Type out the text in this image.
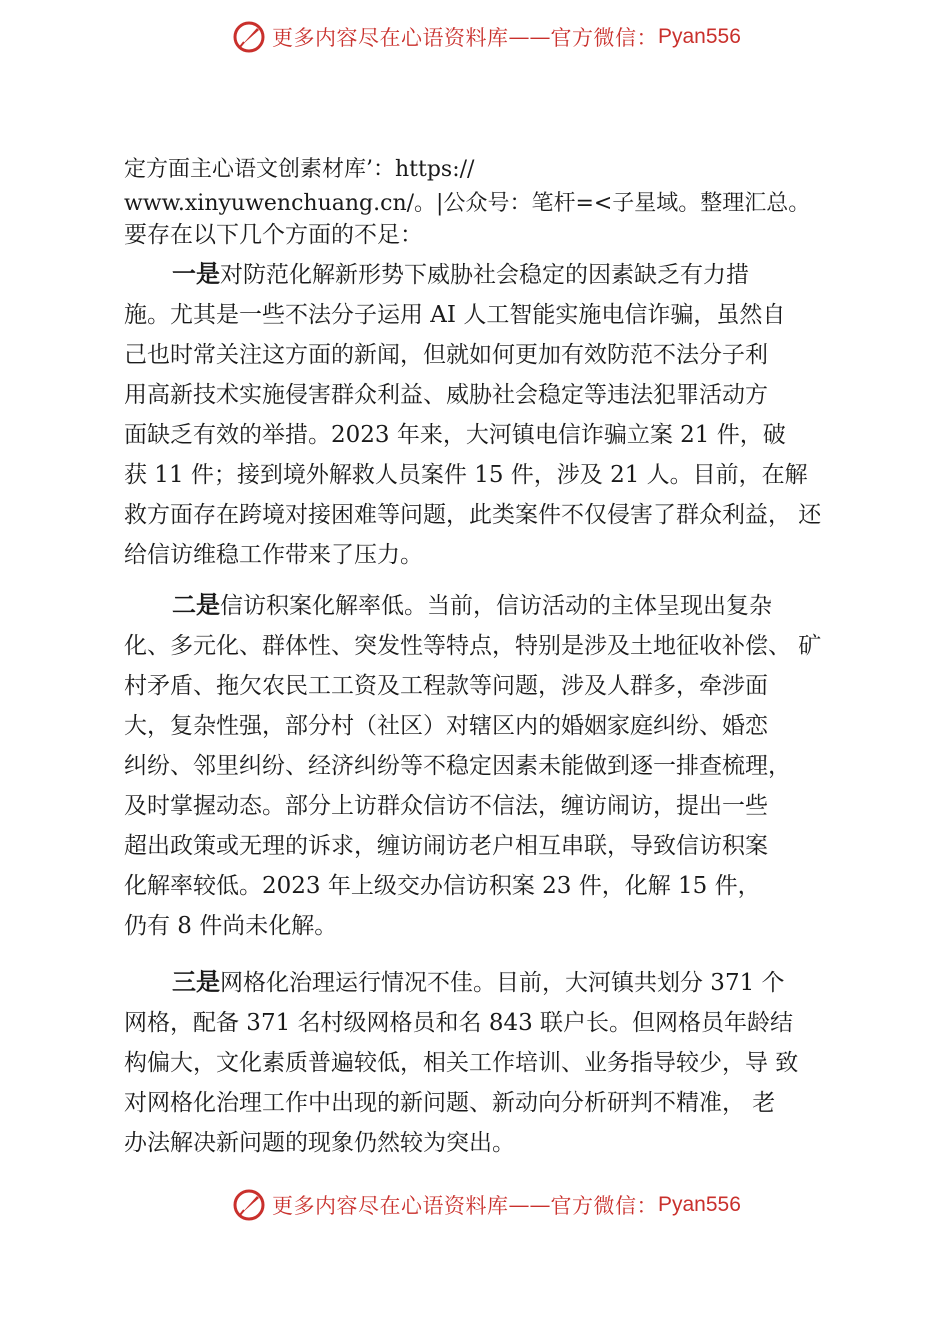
更多内容尽在心语资料库 —— 官方微信： Pyan556
定方面主心语文创素材库’：https://
www.xinyuwenchuang.cn/。|公众号：笔杆=<子星域。整理汇总。
要存在以下几个方面的不足：
一是对防范化解新形势下威胁社会稳定的因素缺乏有力措
施。尤其是一些不法分子运用 AI 人工智能实施电信诈骗，虽然自
己也时常关注这方面的新闻，但就如何更加有效防范不法分子利
用高新技术实施侵害群众利益、威胁社会稳定等违法犯罪活动方
面缺乏有效的举措。2023 年来，大河镇电信诈骗立案 21 件，破
获 11 件；接到境外解救人员案件 15 件，涉及 21 人。目前，在解
救方面存在跨境对接困难等问题，此类案件不仅侵害了群众利益， 还
给信访维稳工作带来了压力。
二是信访积案化解率低。当前，信访活动的主体呈现出复杂
化、多元化、群体性、突发性等特点，特别是涉及土地征收补偿、 矿
村矛盾、拖欠农民工工资及工程款等问题，涉及人群多，牵涉面
大，复杂性强，部分村（社区）对辖区内的婚姻家庭纠纷、婚恋
纠纷、邻里纠纷、经济纠纷等不稳定因素未能做到逐一排查梳理，
及时掌握动态。部分上访群众信访不信法，缠访闹访，提出一些
超出政策或无理的诉求，缠访闹访老户相互串联，导致信访积案
化解率较低。2023 年上级交办信访积案 23 件，化解 15 件，
仍有 8 件尚未化解。
三是网格化治理运行情况不佳。目前，大河镇共划分 371 个
网格，配备 371 名村级网格员和名 843 联户长。但网格员年龄结
构偏大，文化素质普遍较低，相关工作培训、业务指导较少，导 致
对网格化治理工作中出现的新问题、新动向分析研判不精准， 老
办法解决新问题的现象仍然较为突出。
更多内容尽在心语资料库 —— 官方微信： Pyan556
